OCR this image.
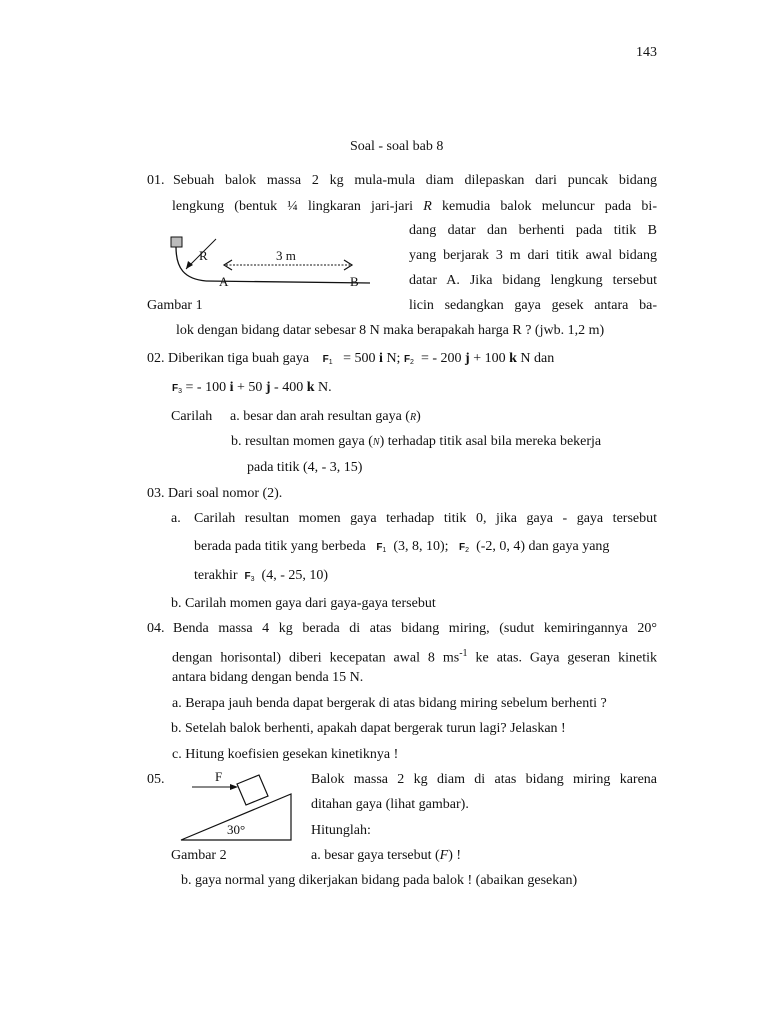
143
Soal - soal bab 8
01. Sebuah balok massa 2 kg mula-mula diam dilepaskan dari puncak bidang
lengkung (bentuk ¼ lingkaran jari-jari R kemudia balok meluncur pada bi-
dang datar dan berhenti pada titik B
yang berjarak 3 m dari titik awal bidang
datar A. Jika bidang lengkung tersebut
licin sedangkan gaya gesek antara ba-
lok dengan bidang datar sebesar 8 N maka berapakah harga R ? (jwb. 1,2 m)
Gambar 1
R	3 m
A	B
02. Diberikan tiga buah gaya $F_1 = 500$ i N; $F_2$ = - 200 j + 100 k N dan
$F_3$ = - 100 i + 50 j - 400 k N.
Carilah a. besar dan arah resultan gaya (R)
b. resultan momen gaya (N) terhadap titik asal bila mereka bekerja
pada titik (4, - 3, 15)
03. Dari soal nomor (2).
a. Carilah resultan momen gaya terhadap titik 0, jika gaya - gaya tersebut
berada pada titik yang berbeda $F_1$ (3, 8, 10); $F_2$ (-2, 0, 4) dan gaya yang
terakhir $F_3$ (4, - 25, 10)
b. Carilah momen gaya dari gaya-gaya tersebut
04. Benda massa 4 kg berada di atas bidang miring, (sudut kemiringannya 20°
dengan horisontal) diberi kecepatan awal 8 $ms^{-1}$ ke atas. Gaya geseran kinetik
antara bidang dengan benda 15 N.
a. Berapa jauh benda dapat bergerak di atas bidang miring sebelum berhenti ?
b. Setelah balok berhenti, apakah dapat bergerak turun lagi? Jelaskan !
c. Hitung koefisien gesekan kinetiknya !
05.	Balok massa 2 kg diam di atas bidang miring karena
ditahan gaya (lihat gambar).
Hitunglah:
a. besar gaya tersebut (F) !
Gambar 2
b. gaya normal yang dikerjakan bidang pada balok ! (abaikan gesekan)
F
30°
